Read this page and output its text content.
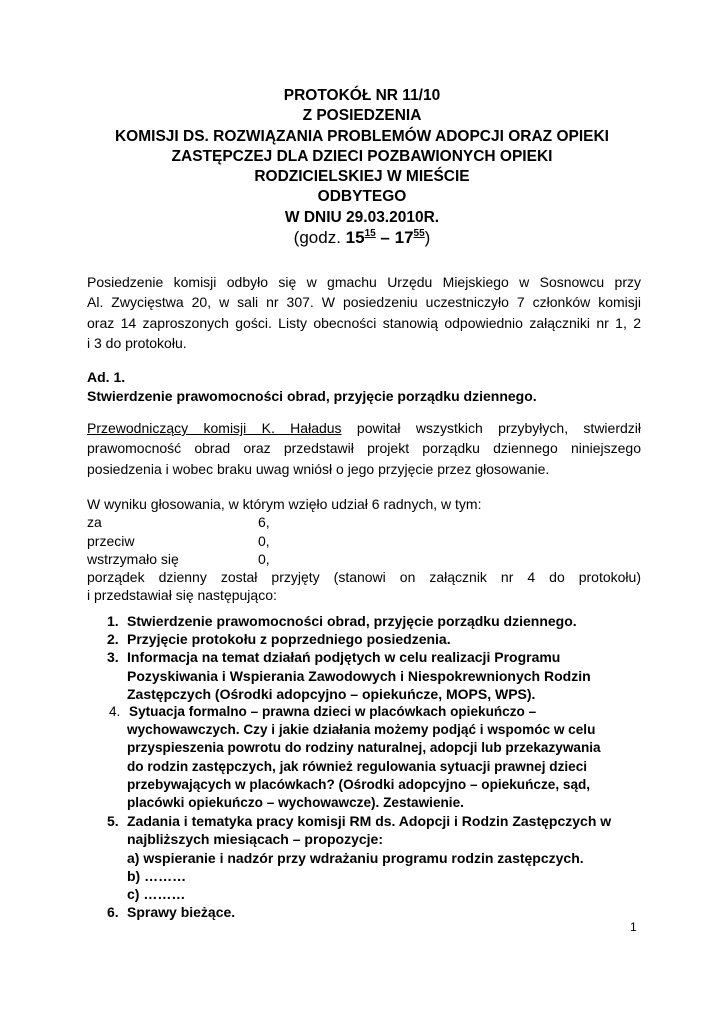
PROTOKÓŁ NR 11/10
Z POSIEDZENIA
KOMISJI DS. ROZWIĄZANIA PROBLEMÓW ADOPCJI ORAZ OPIEKI
ZASTĘPCZEJ DLA DZIECI POZBAWIONYCH OPIEKI
RODZICIELSKIEJ W MIEŚCIE
ODBYTEGO
W DNIU 29.03.2010R.
(godz. $15^{15} - 17^{55}$)
Posiedzenie komisji odbyło się w gmachu Urzędu Miejskiego w Sosnowcu przy
Al. Zwycięstwa 20, w sali nr 307. W posiedzeniu uczestniczyło 7 członków komisji
oraz 14 zaproszonych gości. Listy obecności stanowią odpowiednio załączniki nr 1, 2
i 3 do protokołu.
Ad. 1.
Stwierdzenie prawomocności obrad, przyjęcie porządku dziennego.
Przewodniczący komisji K. Haładus powitał wszystkich przybyłych, stwierdził
prawomocność obrad oraz przedstawił projekt porządku dziennego niniejszego
posiedzenia i wobec braku uwag wniósł o jego przyjęcie przez głosowanie.
W wyniku głosowania, w którym wzięło udział 6 radnych, w tym:
za	6,
przeciw	0,
wstrzymało się	0,
porządek dzienny został przyjęty (stanowi on załącznik nr 4 do protokołu)
i przedstawiał się następująco:
1. Stwierdzenie prawomocności obrad, przyjęcie porządku dziennego.
2. Przyjęcie protokołu z poprzedniego posiedzenia.
3. Informacja na temat działań podjętych w celu realizacji Programu
Pozyskiwania i Wspierania Zawodowych i Niespokrewnionych Rodzin
Zastępczych (Ośrodki adopcyjno – opiekuńcze, MOPS, WPS).
4. Sytuacja formalno – prawna dzieci w placówkach opiekuńczo –
wychowawczych. Czy i jakie działania możemy podjąć i wspomóc w celu
przyspieszenia powrotu do rodziny naturalnej, adopcji lub przekazywania
do rodzin zastępczych, jak również regulowania sytuacji prawnej dzieci
przebywających w placówkach? (Ośrodki adopcyjno – opiekuńcze, sąd,
placówki opiekuńczo – wychowawcze). Zestawienie.
5. Zadania i tematyka pracy komisji RM ds. Adopcji i Rodzin Zastępczych w
najbliższych miesiącach – propozycje:
a) wspieranie i nadzór przy wdrażaniu programu rodzin zastępczych.
b) ………
c) ………
6. Sprawy bieżące.
1
